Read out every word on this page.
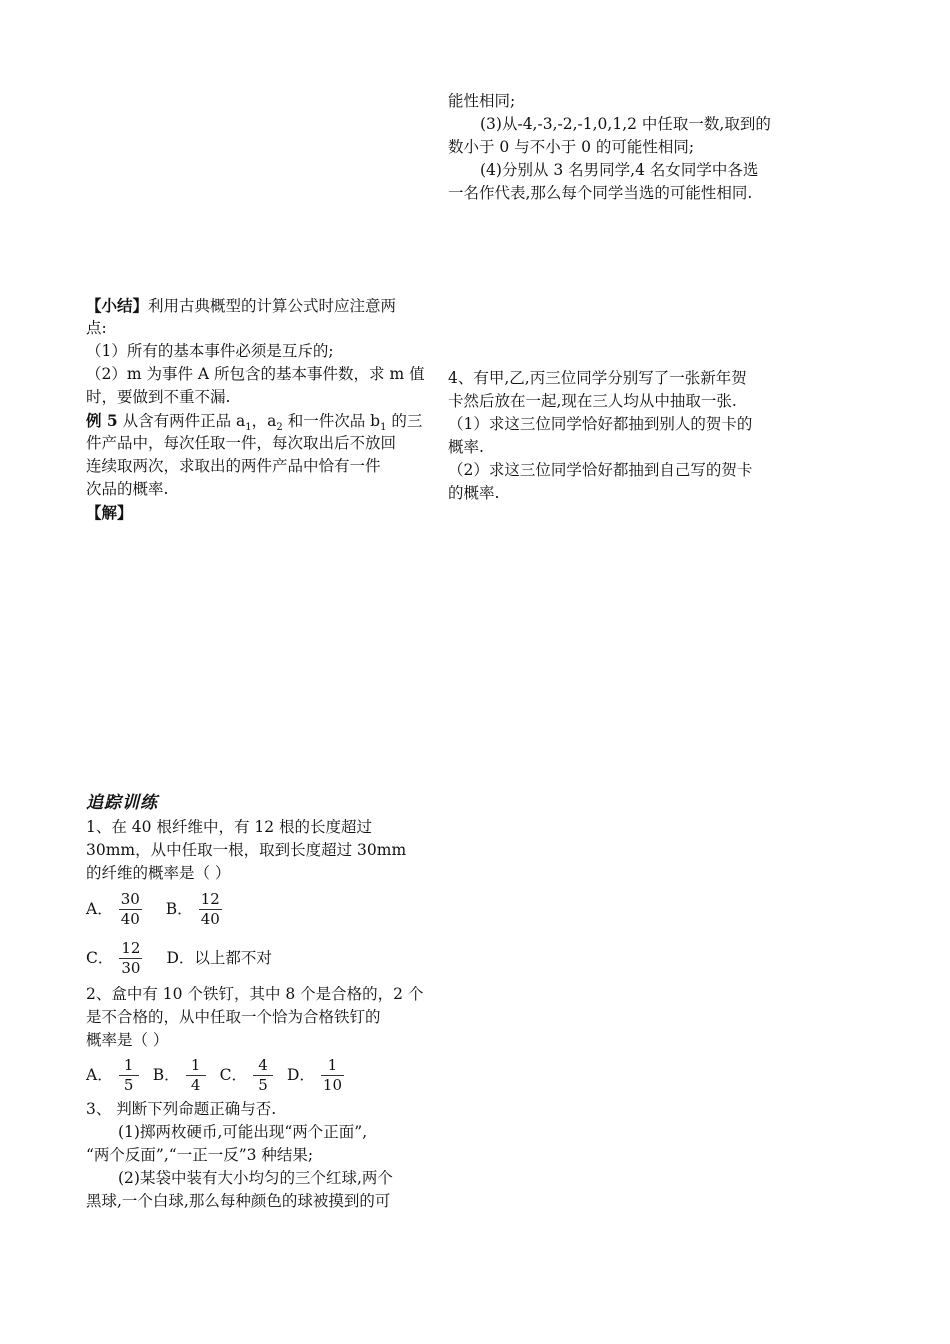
能性相同;
(3)从-4,-3,-2,-1,0,1,2 中任取一数,取到的
数小于 0 与不小于 0 的可能性相同;
(4)分别从 3 名男同学,4 名女同学中各选
一名作代表,那么每个同学当选的可能性相同.
【小结】利用古典概型的计算公式时应注意两
点:
（1）所有的基本事件必须是互斥的;
（2）m 为事件 A 所包含的基本事件数，求 m 值
时，要做到不重不漏.
例 5 从含有两件正品 $a_1$，$a_2$ 和一件次品 $b_1$ 的三
件产品中，每次任取一件，每次取出后不放回
连续取两次，求取出的两件产品中恰有一件
次品的概率.
【解】
4、有甲,乙,丙三位同学分别写了一张新年贺
卡然后放在一起,现在三人均从中抽取一张.
（1）求这三位同学恰好都抽到别人的贺卡的
概率.
（2）求这三位同学恰好都抽到自己写的贺卡
的概率.
追踪训练
1、在 40 根纤维中，有 12 根的长度超过
30mm，从中任取一根，取到长度超过 30mm
的纤维的概率是（ ）
A． $\frac{30}{40}$ B． $\frac{12}{40}$
C． $\frac{12}{30}$ D．以上都不对
2、盒中有 10 个铁钉，其中 8 个是合格的，2 个
是不合格的，从中任取一个恰为合格铁钉的
概率是（ ）
A． $\frac{1}{5}$ B． $\frac{1}{4}$ C． $\frac{4}{5}$ D． $\frac{1}{10}$
3、 判断下列命题正确与否.
(1)掷两枚硬币,可能出现“两个正面”,
“两个反面”,“一正一反”3 种结果;
(2)某袋中装有大小均匀的三个红球,两个
黑球,一个白球,那么每种颜色的球被摸到的可
